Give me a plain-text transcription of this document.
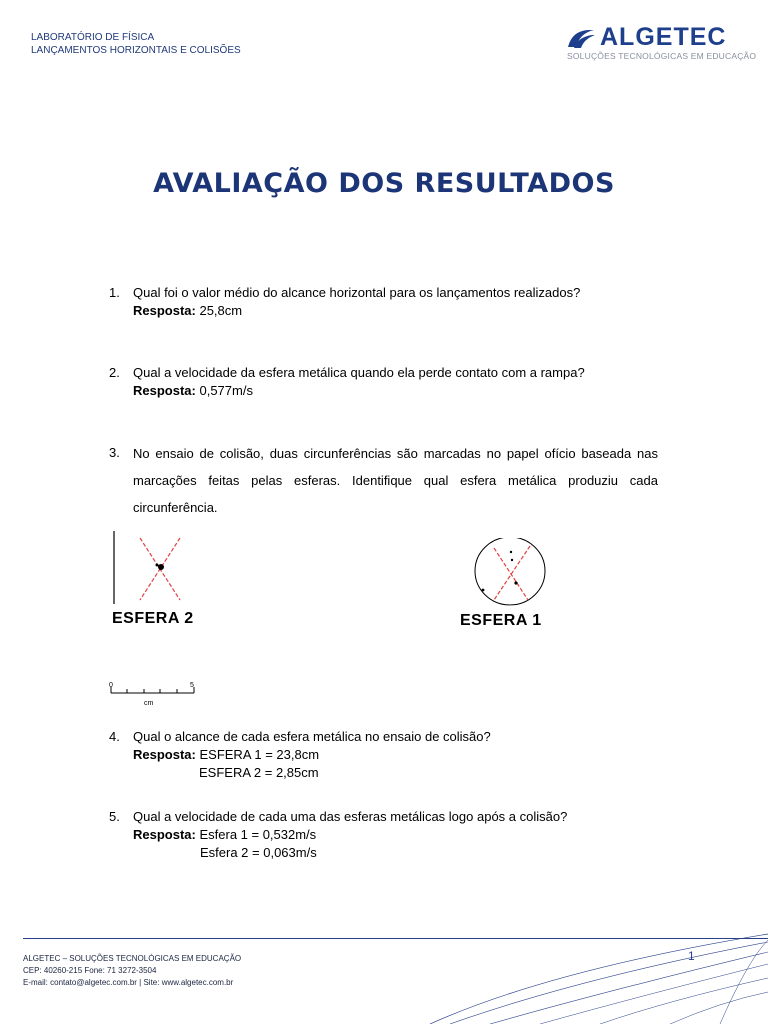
LABORATÓRIO DE FÍSICA
LANÇAMENTOS HORIZONTAIS E COLISÕES	ALGETEC
SOLUÇÕES TECNOLÓGICAS EM EDUCAÇÃO
AVALIAÇÃO DOS RESULTADOS
1. Qual foi o valor médio do alcance horizontal para os lançamentos realizados?
Resposta: 25,8cm
2. Qual a velocidade da esfera metálica quando ela perde contato com a rampa?
Resposta: 0,577m/s
3. No ensaio de colisão, duas circunferências são marcadas no papel ofício baseada nas marcações feitas pelas esferas. Identifique qual esfera metálica produziu cada circunferência.
ESFERA 2	ESFERA 1
0	5
cm
4. Qual o alcance de cada esfera metálica no ensaio de colisão?
Resposta: ESFERA 1 = 23,8cm
ESFERA 2 = 2,85cm
5. Qual a velocidade de cada uma das esferas metálicas logo após a colisão?
Resposta: Esfera 1 = 0,532m/s
Esfera 2 = 0,063m/s
ALGETEC – SOLUÇÕES TECNOLÓGICAS EM EDUCAÇÃO
CEP: 40260-215 Fone: 71 3272-3504
E-mail: contato@algetec.com.br | Site: www.algetec.com.br
1
